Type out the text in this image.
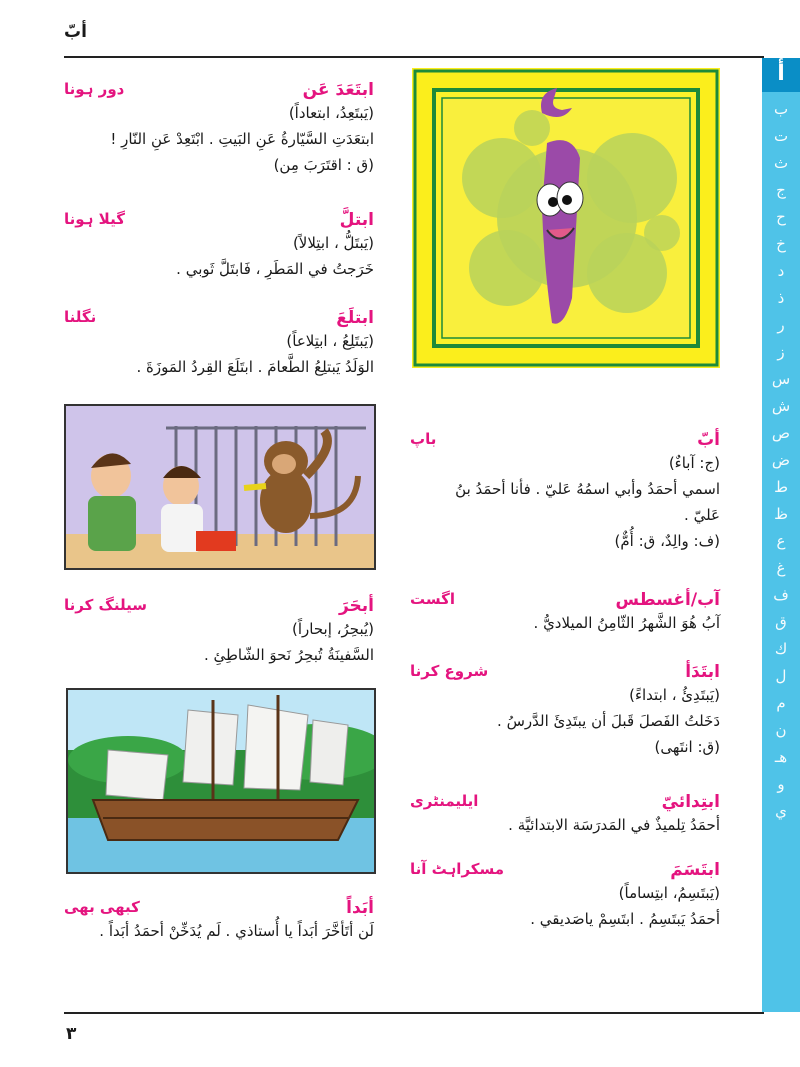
أبّ
أ
ب
ت
ث
ج
ح
خ
د
ذ
ر
ز
س
ش
ص
ض
ط
ظ
ع
غ
ف
ق
ك
ل
م
ن
هـ
و
ي
ابتَعَدَ عَن
دور ہونا
(يَبتَعِدُ، ابتعاداً)
ابتعَدَتِ السَّيّارةُ عَنِ البَيتِ . ابْتَعِدْ عَنِ النّارِ !
(ق : اقتَرَبَ مِن)
ابتلَّ
گیلا ہونا
(يَبتَلُّ ، ابتِلالاً)
خَرَجتُ في المَطَرِ ، فَابتَلَّ ثَوبي .
ابتلَعَ
نگلنا
(يَبتَلِعُ ، ابتِلاعاً)
الوَلَدُ يَبتلِعُ الطَّعامَ . ابتَلَعَ القِردُ المَوزَةَ .
أبحَرَ
سیلنگ کرنا
(يُبحِرُ، إبحاراً)
السَّفينَةُ تُبحِرُ نَحوَ الشّاطِئِ .
أبَداً
کبھی بھی
لَن أتَأخَّرَ أبَداً يا أُستاذي . لَم يُدَخِّنْ أحمَدُ أبَداً .
أبّ
باپ
(ج: آباءٌ)
اسمي أحمَدُ وأبي اسمُهُ عَليّ . فأنا أحمَدُ بنُ
عَليّ .
(ف: والِدٌ، ق: أُمٌّ)
آب/أغسطس
اگست
آبُ هُوَ الشَّهرُ الثّامِنُ الميلاديُّ .
ابتَدَأ
شروع کرنا
(يَبتَدِئُ ، ابتداءً)
دَخَلتُ الفَصلَ قَبلَ أن يبتَدِئَ الدَّرسُ .
(ق: انتَهى)
ابتِدائيّ
ایلیمنٹری
أحمَدُ تِلميذٌ في المَدرَسَة الابتدائيَّة .
ابتَسَمَ
مسکراہٹ آنا
(يَبتَسِمُ، ابتِساماً)
أحمَدُ يَبتَسِمُ . ابتَسِمْ ياصَديقي .
٣
